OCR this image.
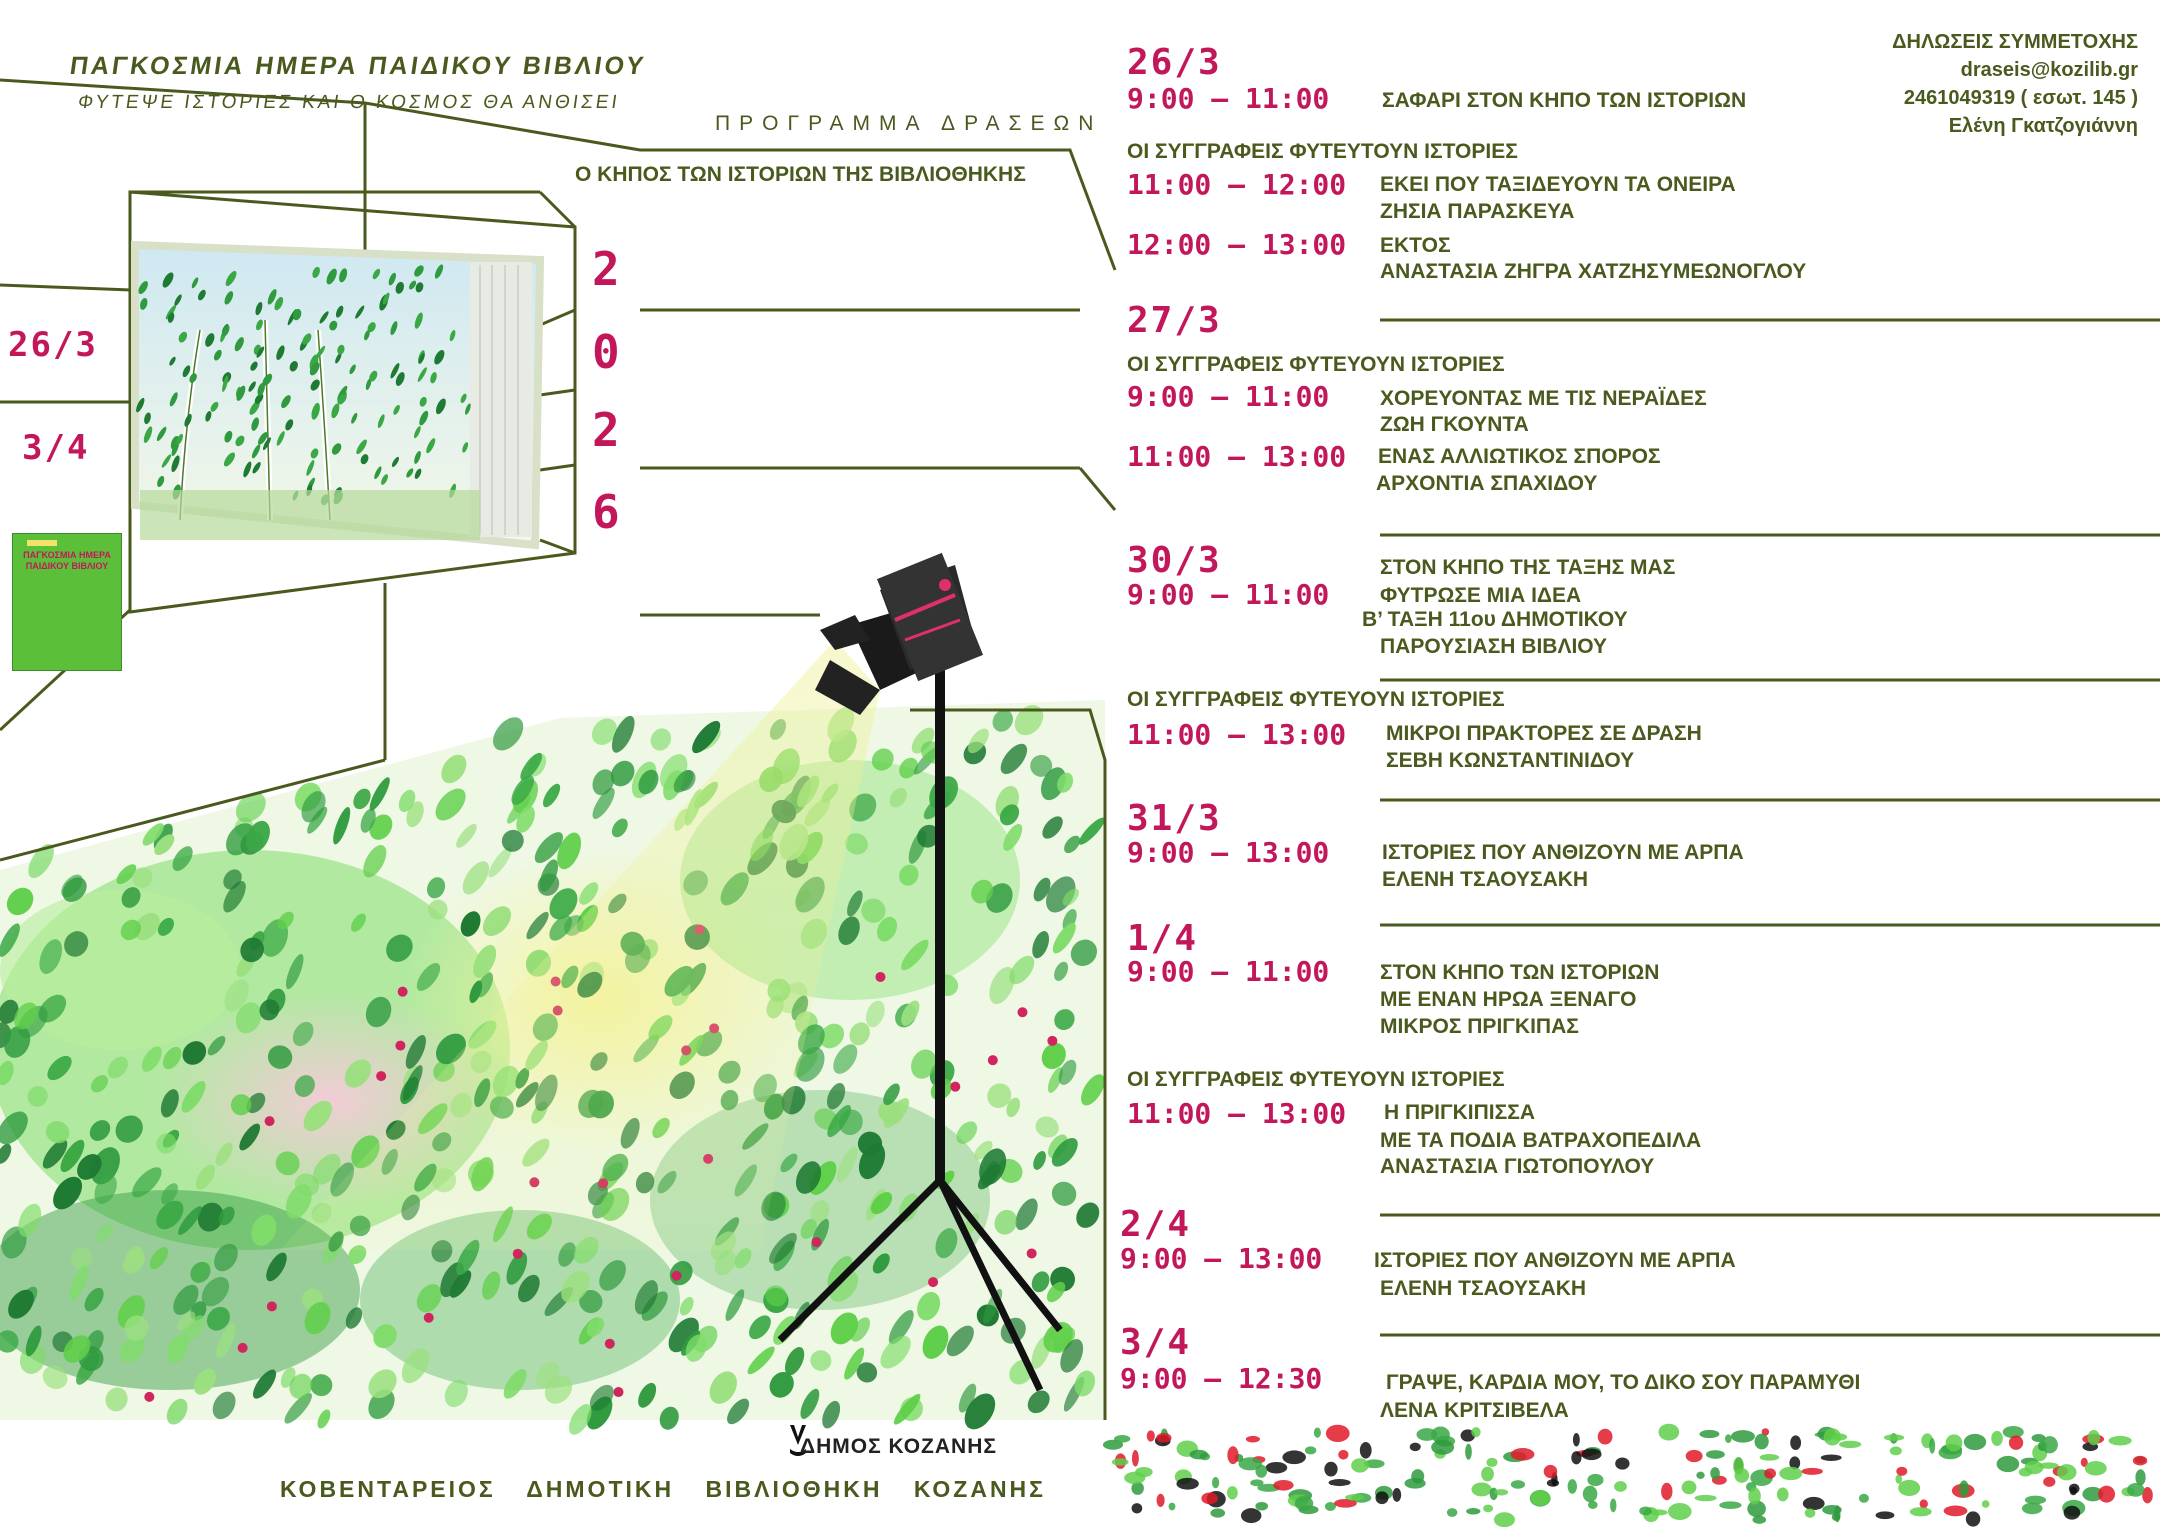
ΠΑΓΚΟΣΜΙΑ ΗΜΕΡΑ ΠΑΙΔΙΚΟΥ ΒΙΒΛΙΟΥ
ΦΥΤΕΨΕ ΙΣΤΟΡΙΕΣ ΚΑΙ Ο ΚΟΣΜΟΣ ΘΑ ΑΝΘΙΣΕΙ
ΠΡΟΓΡΑΜΜΑ ΔΡΑΣΕΩΝ
Ο ΚΗΠΟΣ ΤΩΝ ΙΣΤΟΡΙΩΝ ΤΗΣ ΒΙΒΛΙΟΘΗΚΗΣ
2
0
2
6
26/3
3/4
ΠΑΓΚΟΣΜΙΑ ΗΜΕΡΑ ΠΑΙΔΙΚΟΥ ΒΙΒΛΙΟΥ
ΔΗΛΩΣΕΙΣ ΣΥΜΜΕΤΟΧΗΣ
draseis@kozilib.gr
2461049319 ( εσωτ. 145 )
Ελένη Γκατζογιάννη
26/3
9:00 – 11:00	ΣΑΦΑΡΙ ΣΤΟΝ ΚΗΠΟ ΤΩΝ ΙΣΤΟΡΙΩΝ
ΟΙ ΣΥΓΓΡΑΦΕΙΣ ΦΥΤΕΥΤΟΥΝ ΙΣΤΟΡΙΕΣ
11:00 – 12:00 ΕΚΕΙ ΠΟΥ ΤΑΞΙΔΕΥΟΥΝ ΤΑ ΟΝΕΙΡΑ
ΖΗΣΙΑ ΠΑΡΑΣΚΕΥΑ
12:00 – 13:00 ΕΚΤΟΣ
ΑΝΑΣΤΑΣΙΑ ΖΗΓΡΑ ΧΑΤΖΗΣΥΜΕΩΝΟΓΛΟΥ
27/3
ΟΙ ΣΥΓΓΡΑΦΕΙΣ ΦΥΤΕΥΟΥΝ ΙΣΤΟΡΙΕΣ
9:00 – 11:00 ΧΟΡΕΥΟΝΤΑΣ ΜΕ ΤΙΣ ΝΕΡΑΪΔΕΣ
ΖΩΗ ΓΚΟΥΝΤΑ
11:00 – 13:00 ΕΝΑΣ ΑΛΛΙΩΤΙΚΟΣ ΣΠΟΡΟΣ
ΑΡΧΟΝΤΙΑ ΣΠΑΧΙΔΟΥ
30/3
9:00 – 11:00
ΣΤΟΝ ΚΗΠΟ ΤΗΣ ΤΑΞΗΣ ΜΑΣ
ΦΥΤΡΩΣΕ ΜΙΑ ΙΔΕΑ
Β’ ΤΑΞΗ 11ου ΔΗΜΟΤΙΚΟΥ
ΠΑΡΟΥΣΙΑΣΗ ΒΙΒΛΙΟΥ
ΟΙ ΣΥΓΓΡΑΦΕΙΣ ΦΥΤΕΥΟΥΝ ΙΣΤΟΡΙΕΣ
11:00 – 13:00 ΜΙΚΡΟΙ ΠΡΑΚΤΟΡΕΣ ΣΕ ΔΡΑΣΗ
ΣΕΒΗ ΚΩΝΣΤΑΝΤΙΝΙΔΟΥ
31/3
9:00 – 13:00	ΙΣΤΟΡΙΕΣ ΠΟΥ ΑΝΘΙΖΟΥΝ ΜΕ ΑΡΠΑ
ΕΛΕΝΗ ΤΣΑΟΥΣΑΚΗ
1/4
9:00 – 11:00 ΣΤΟΝ ΚΗΠΟ ΤΩΝ ΙΣΤΟΡΙΩΝ
ΜΕ ΕΝΑΝ ΗΡΩΑ ΞΕΝΑΓΟ
ΜΙΚΡΟΣ ΠΡΙΓΚΙΠΑΣ
ΟΙ ΣΥΓΓΡΑΦΕΙΣ ΦΥΤΕΥΟΥΝ ΙΣΤΟΡΙΕΣ
11:00 – 13:00 Η ΠΡΙΓΚΙΠΙΣΣΑ
ΜΕ ΤΑ ΠΟΔΙΑ ΒΑΤΡΑΧΟΠΕΔΙΛΑ
ΑΝΑΣΤΑΣΙΑ ΓΙΩΤΟΠΟΥΛΟΥ
2/4
9:00 – 13:00 ΙΣΤΟΡΙΕΣ ΠΟΥ ΑΝΘΙΖΟΥΝ ΜΕ ΑΡΠΑ
ΕΛΕΝΗ ΤΣΑΟΥΣΑΚΗ
3/4
9:00 – 12:30	ΓΡΑΨΕ, ΚΑΡΔΙΑ ΜΟΥ, ΤΟ ΔΙΚΟ ΣΟΥ ΠΑΡΑΜΥΘΙ
ΛΕΝΑ ΚΡΙΤΣΙΒΕΛΑ
ΔΗΜΟΣ ΚΟΖΑΝΗΣ
ΚΟΒΕΝΤΑΡΕΙΟΣ ΔΗΜΟΤΙΚΗ ΒΙΒΛΙΟΘΗΚΗ ΚΟΖΑΝΗΣ
